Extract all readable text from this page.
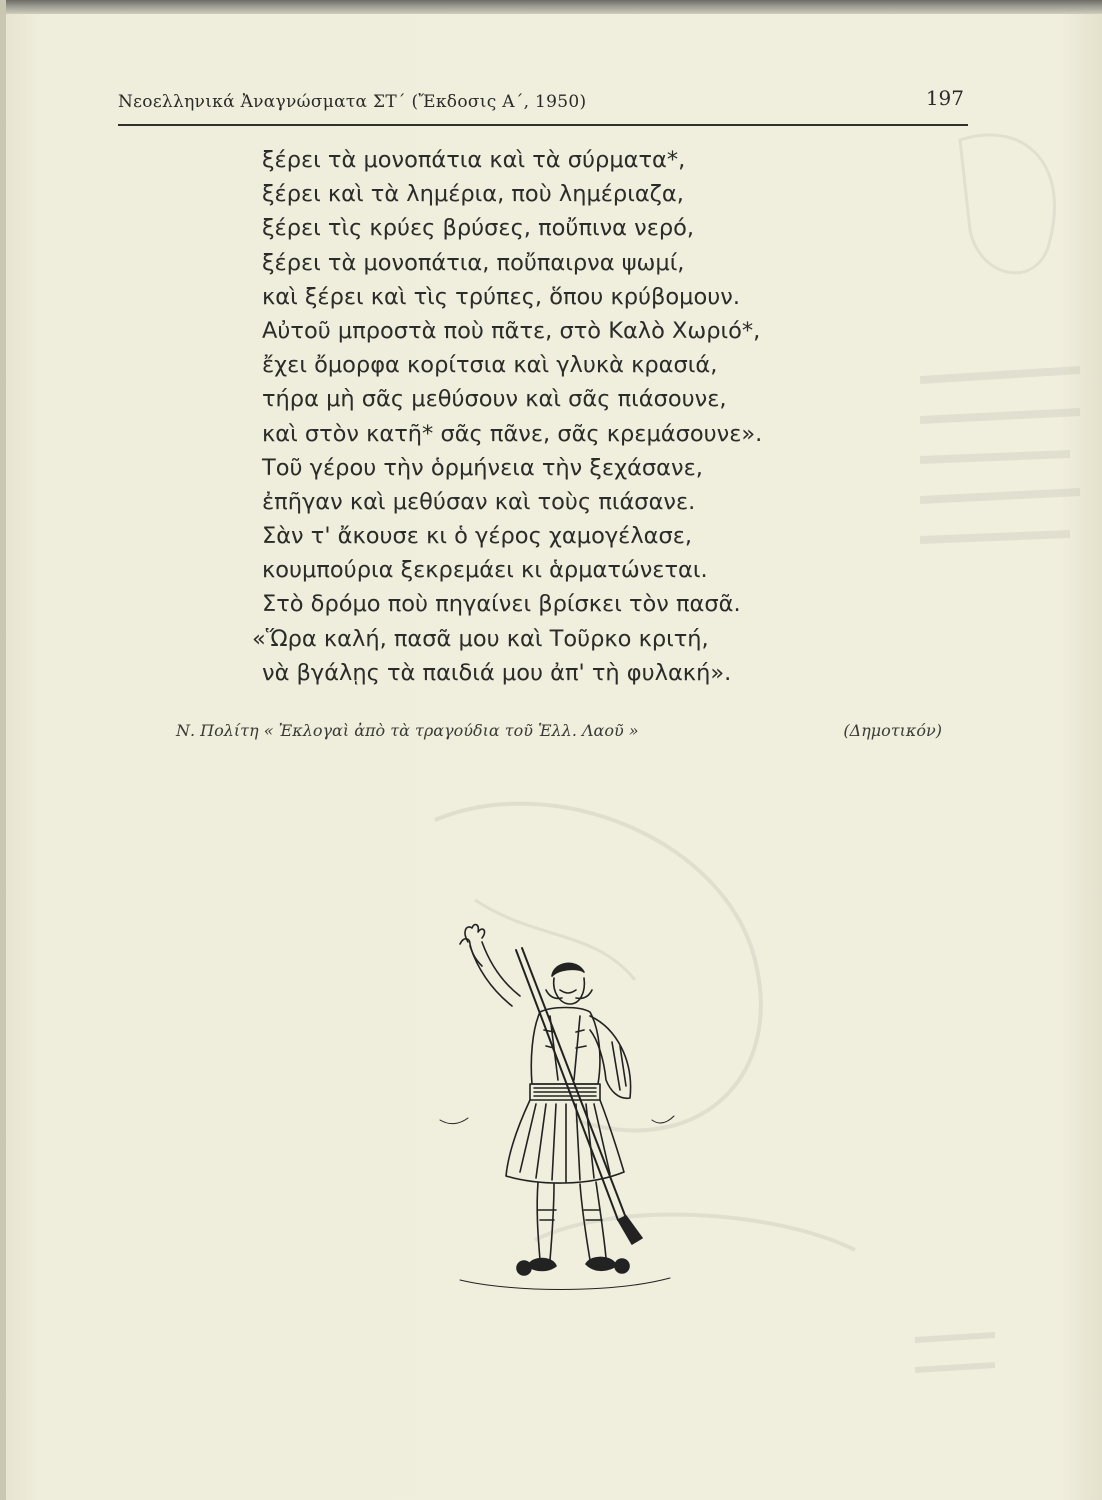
Νεοελληνικά Ἀναγνώσματα ΣΤ΄ (Ἔκδοσις Α΄, 1950)	197
ξέρει τὰ μονοπάτια καὶ τὰ σύρματα*,
ξέρει καὶ τὰ λημέρια, ποὺ λημέριαζα,
ξέρει τὶς κρύες βρύσες, ποὔπινα νερό,
ξέρει τὰ μονοπάτια, ποὔπαιρνα ψωμί,
καὶ ξέρει καὶ τὶς τρύπες, ὅπου κρύβομουν.
Αὐτοῦ μπροστὰ ποὺ πᾶτε, στὸ Καλὸ Χωριό*,
ἔχει ὄμορφα κορίτσια καὶ γλυκὰ κρασιά,
τήρα μὴ σᾶς μεθύσουν καὶ σᾶς πιάσουνε,
καὶ στὸν κατῆ* σᾶς πᾶνε, σᾶς κρεμάσουνε».
Τοῦ γέρου τὴν ὁρμήνεια τὴν ξεχάσανε,
ἐπῆγαν καὶ μεθύσαν καὶ τοὺς πιάσανε.
Σὰν τ' ἄκουσε κι ὁ γέρος χαμογέλασε,
κουμπούρια ξεκρεμάει κι ἁρματώνεται.
Στὸ δρόμο ποὺ πηγαίνει βρίσκει τὸν πασᾶ.
«Ὥρα καλή, πασᾶ μου καὶ Τοῦρκο κριτή,
νὰ βγάλῃς τὰ παιδιά μου ἀπ' τὴ φυλακή».
Ν. Πολίτη « Ἐκλογαὶ ἀπὸ τὰ τραγούδια τοῦ Ἑλλ. Λαοῦ »	(Δημοτικόν)
